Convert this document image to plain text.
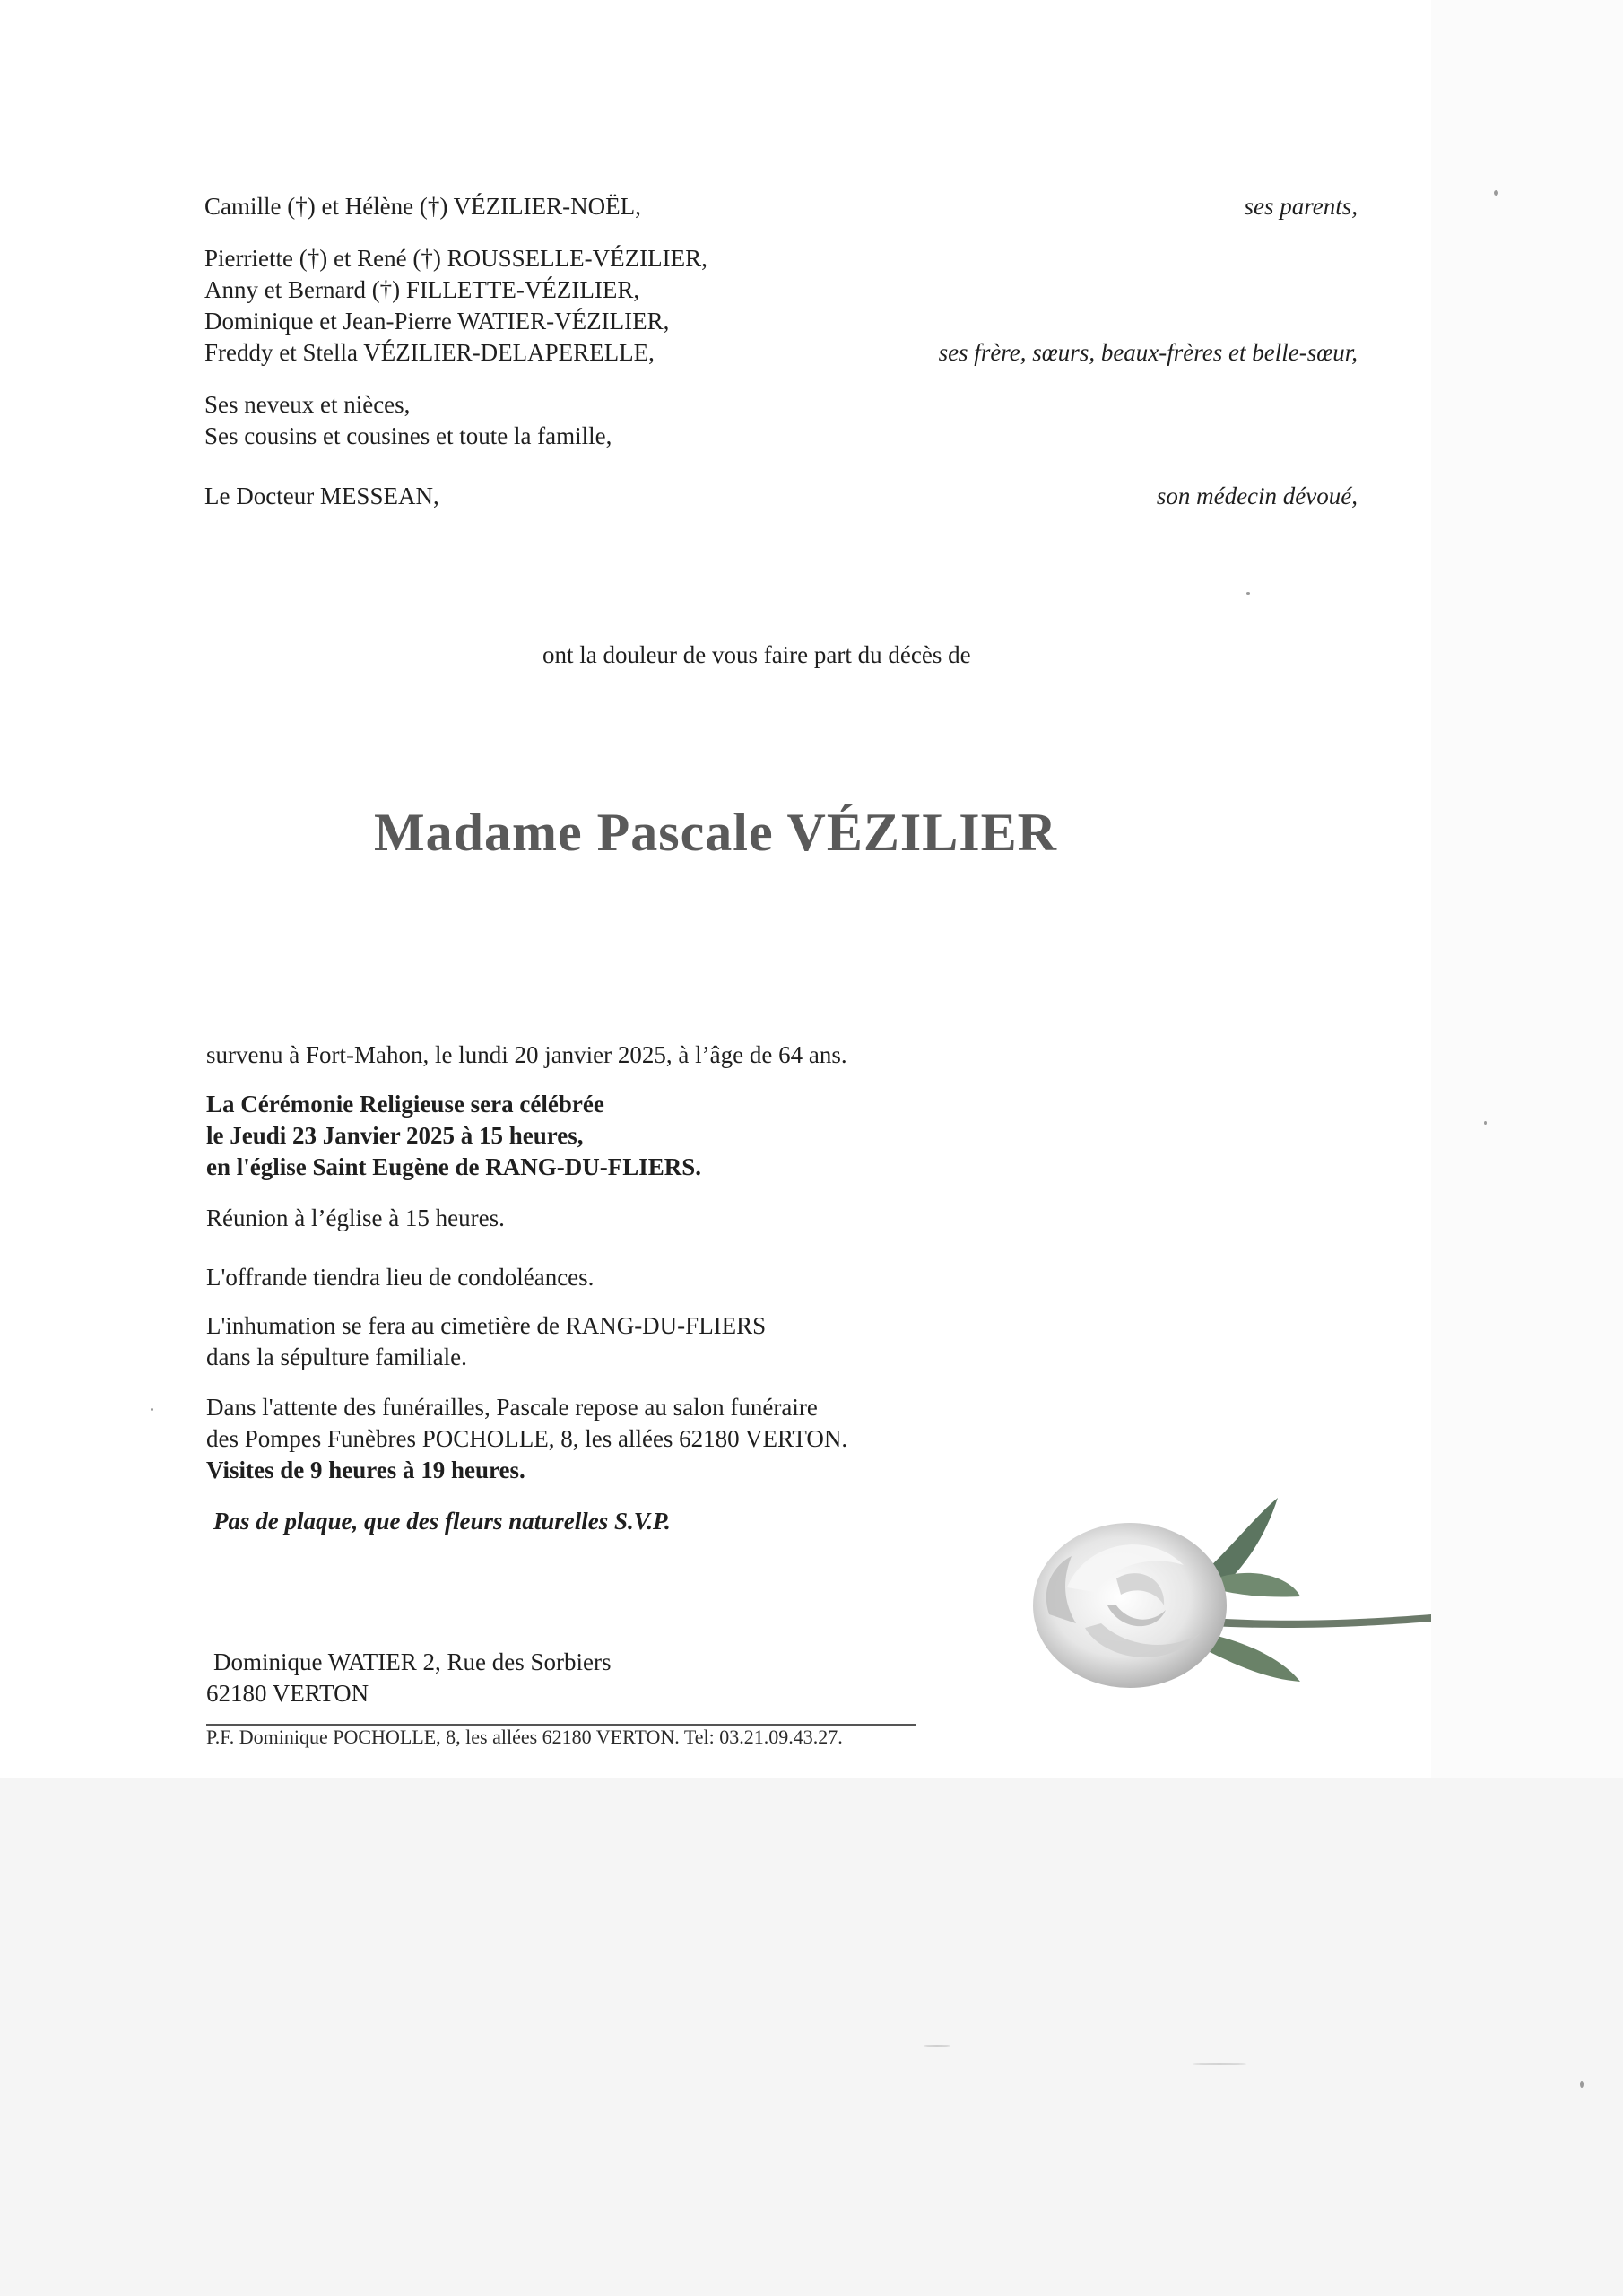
Camille (†) et Hélène (†) VÉZILIER-NOËL,	ses parents,
Pierriette (†) et René (†) ROUSSELLE-VÉZILIER,
Anny et Bernard (†) FILLETTE-VÉZILIER,
Dominique et Jean-Pierre WATIER-VÉZILIER,
Freddy et Stella VÉZILIER-DELAPERELLE,	ses frère, sœurs, beaux-frères et belle-sœur,
Ses neveux et nièces,
Ses cousins et cousines et toute la famille,
Le Docteur MESSEAN,	son médecin dévoué,
ont la douleur de vous faire part du décès de
Madame Pascale VÉZILIER
survenu à Fort-Mahon, le lundi 20 janvier 2025, à l’âge de 64 ans.
La Cérémonie Religieuse sera célébrée
le Jeudi 23 Janvier 2025 à 15 heures,
en l'église Saint Eugène de RANG-DU-FLIERS.
Réunion à l’église à 15 heures.
L'offrande tiendra lieu de condoléances.
L'inhumation se fera au cimetière de RANG-DU-FLIERS
dans la sépulture familiale.
Dans l'attente des funérailles, Pascale repose au salon funéraire
des Pompes Funèbres POCHOLLE, 8, les allées 62180 VERTON.
Visites de 9 heures à 19 heures.
Pas de plaque, que des fleurs naturelles S.V.P.
Dominique WATIER 2, Rue des Sorbiers
62180 VERTON
P.F. Dominique POCHOLLE, 8, les allées 62180 VERTON. Tel: 03.21.09.43.27.
